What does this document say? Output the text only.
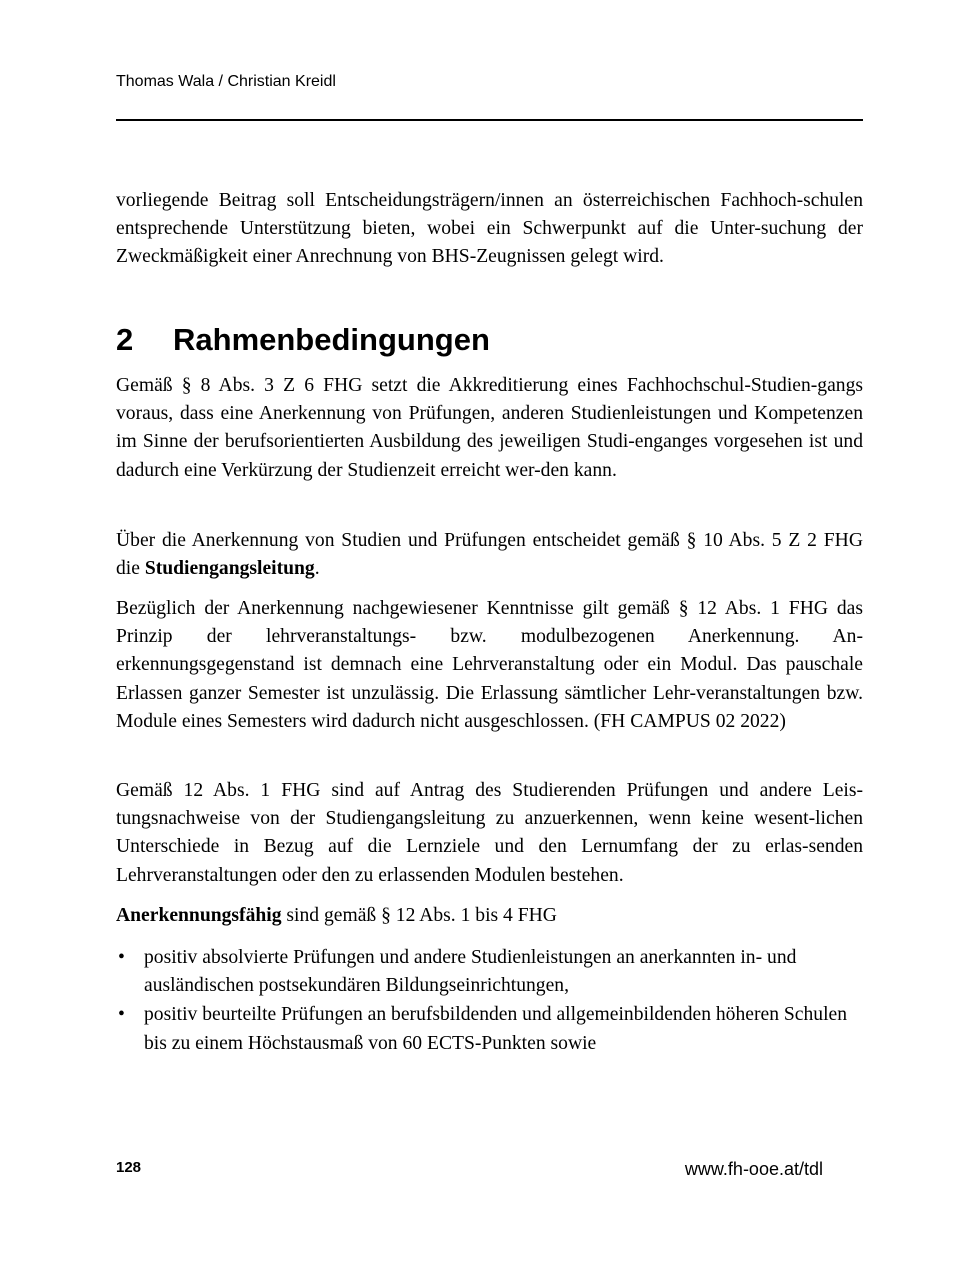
Thomas Wala / Christian Kreidl

vorliegende Beitrag soll Entscheidungsträgern/innen an österreichischen Fachhoch-schulen entsprechende Unterstützung bieten, wobei ein Schwerpunkt auf die Unter-suchung der Zweckmäßigkeit einer Anrechnung von BHS-Zeugnissen gelegt wird.

2 Rahmenbedingungen

Gemäß § 8 Abs. 3 Z 6 FHG setzt die Akkreditierung eines Fachhochschul-Studien-gangs voraus, dass eine Anerkennung von Prüfungen, anderen Studienleistungen und Kompetenzen im Sinne der berufsorientierten Ausbildung des jeweiligen Studi-enganges vorgesehen ist und dadurch eine Verkürzung der Studienzeit erreicht wer-den kann.

Über die Anerkennung von Studien und Prüfungen entscheidet gemäß § 10 Abs. 5 Z 2 FHG die Studiengangsleitung.

Bezüglich der Anerkennung nachgewiesener Kenntnisse gilt gemäß § 12 Abs. 1 FHG das Prinzip der lehrveranstaltungs- bzw. modulbezogenen Anerkennung. An-erkennungsgegenstand ist demnach eine Lehrveranstaltung oder ein Modul. Das pauschale Erlassen ganzer Semester ist unzulässig. Die Erlassung sämtlicher Lehr-veranstaltungen bzw. Module eines Semesters wird dadurch nicht ausgeschlossen. (FH CAMPUS 02 2022)

Gemäß 12 Abs. 1 FHG sind auf Antrag des Studierenden Prüfungen und andere Leis-tungsnachweise von der Studiengangsleitung zu anzuerkennen, wenn keine wesent-lichen Unterschiede in Bezug auf die Lernziele und den Lernumfang der zu erlas-senden Lehrveranstaltungen oder den zu erlassenden Modulen bestehen.

Anerkennungsfähig sind gemäß § 12 Abs. 1 bis 4 FHG

• positiv absolvierte Prüfungen und andere Studienleistungen an anerkannten in- und ausländischen postsekundären Bildungseinrichtungen,
• positiv beurteilte Prüfungen an berufsbildenden und allgemeinbildenden höheren Schulen bis zu einem Höchstausmaß von 60 ECTS-Punkten sowie

128	www.fh-ooe.at/tdl
